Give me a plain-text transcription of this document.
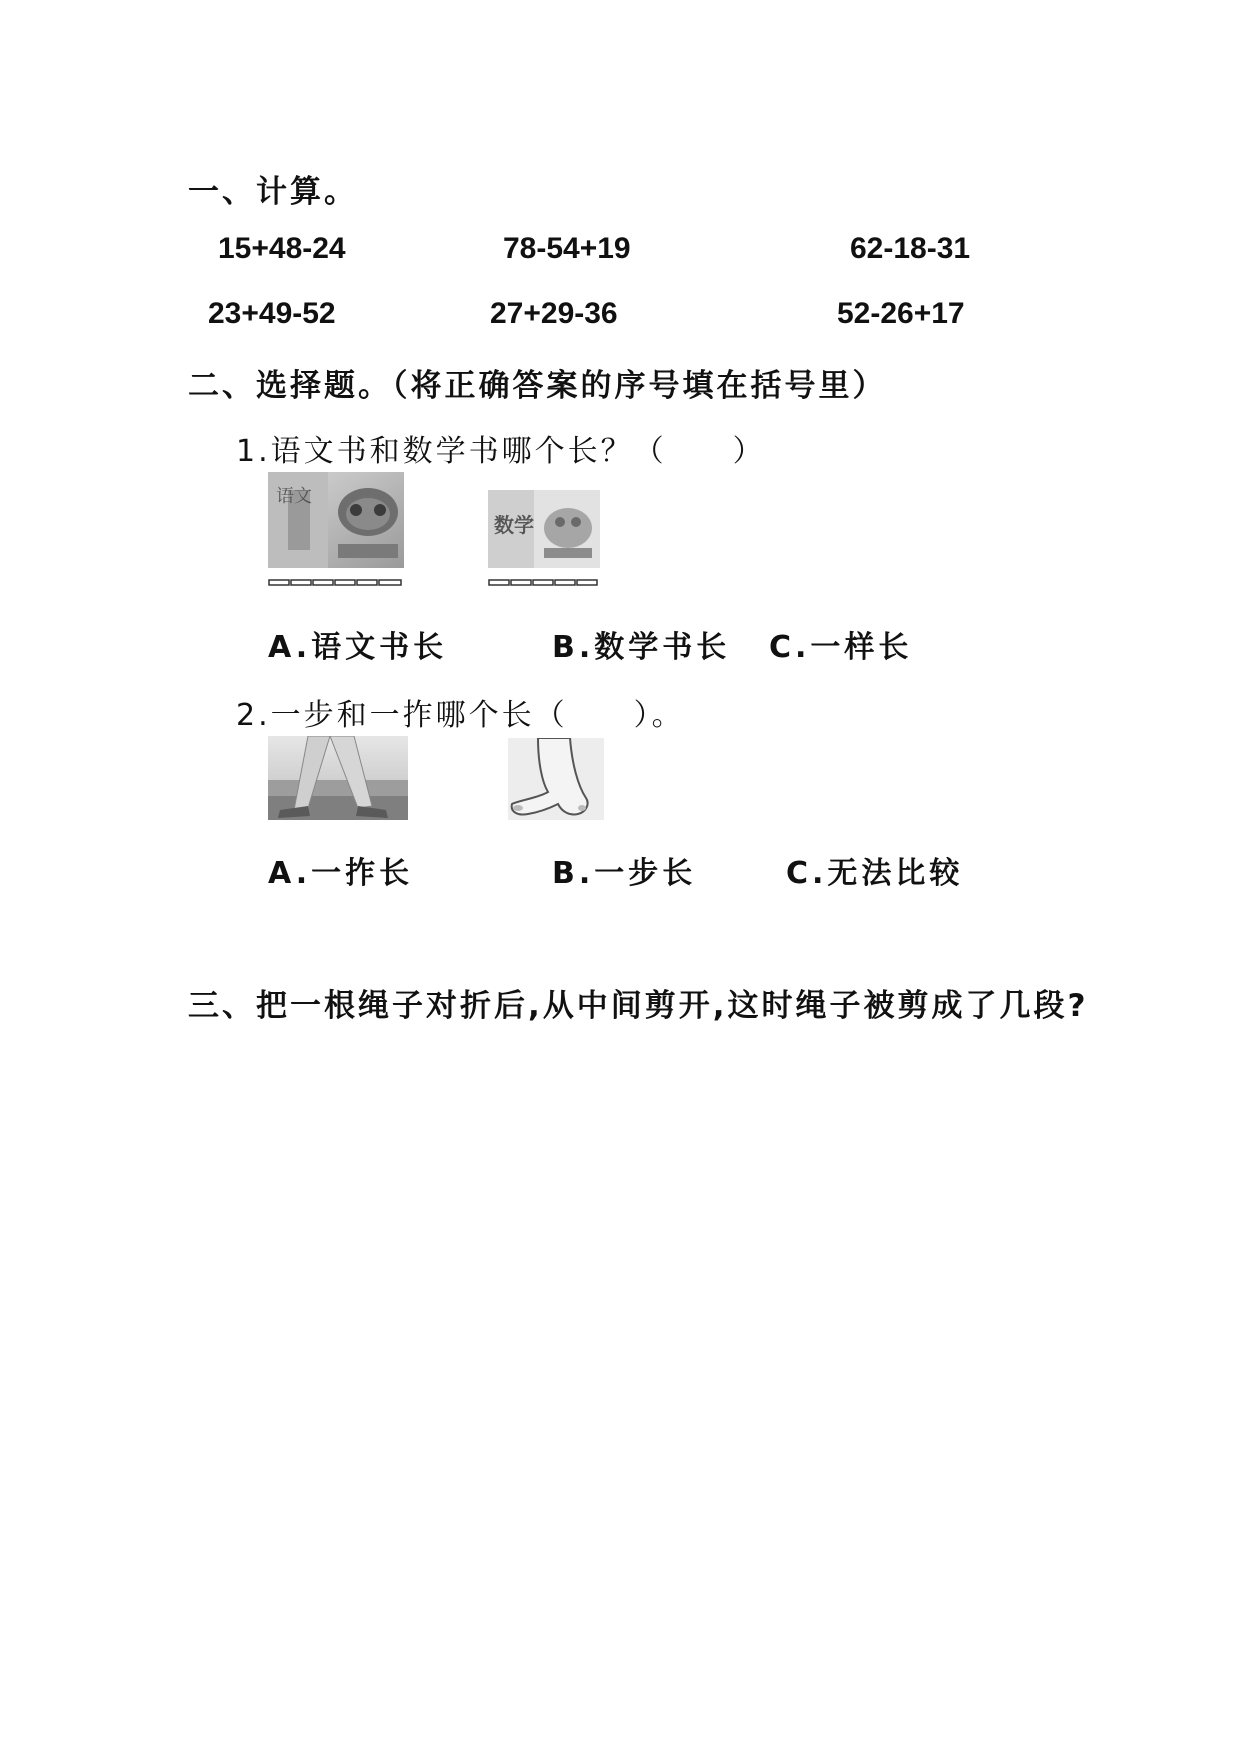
一、计算。
15+48-24	78-54+19	62-18-31
23+49-52	27+29-36	52-26+17
二、选择题。（将正确答案的序号填在括号里）
1.语文书和数学书哪个长？（　　）
语文
数学
A.语文书长	B.数学书长 C.一样长
2.一步和一拃哪个长（　　）。
A.一拃长	B.一步长	C.无法比较
三、把一根绳子对折后,从中间剪开,这时绳子被剪成了几段?
